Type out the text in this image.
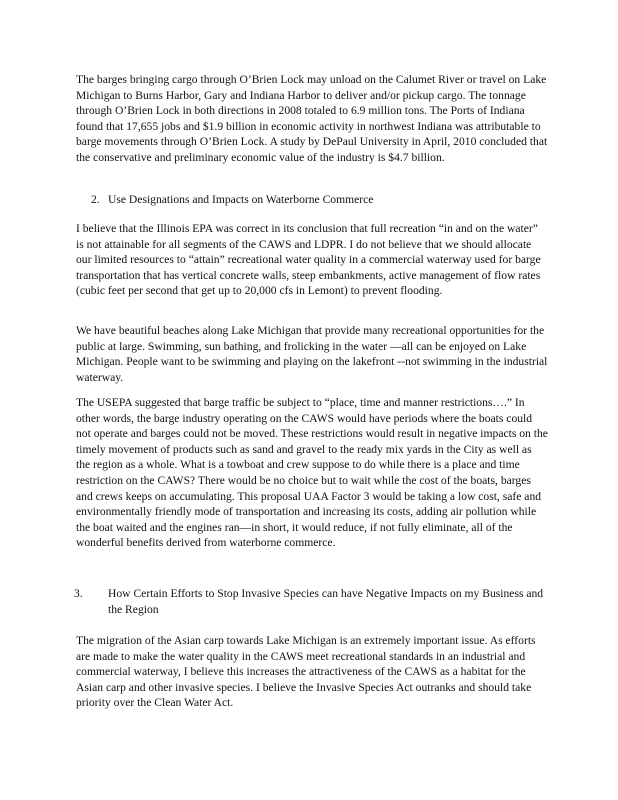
The barges bringing cargo through O’Brien Lock may unload on the Calumet River or travel on Lake Michigan to Burns Harbor, Gary and Indiana Harbor to deliver and/or pickup cargo. The tonnage through O’Brien Lock in both directions in 2008 totaled to 6.9 million tons. The Ports of Indiana found that 17,655 jobs and $1.9 billion in economic activity in northwest Indiana was attributable to barge movements through O’Brien Lock. A study by DePaul University in April, 2010 concluded that the conservative and preliminary economic value of the industry is $4.7 billion.

2. Use Designations and Impacts on Waterborne Commerce

I believe that the Illinois EPA was correct in its conclusion that full recreation “in and on the water” is not attainable for all segments of the CAWS and LDPR. I do not believe that we should allocate our limited resources to “attain” recreational water quality in a commercial waterway used for barge transportation that has vertical concrete walls, steep embankments, active management of flow rates (cubic feet per second that get up to 20,000 cfs in Lemont) to prevent flooding.

We have beautiful beaches along Lake Michigan that provide many recreational opportunities for the public at large. Swimming, sun bathing, and frolicking in the water —all can be enjoyed on Lake Michigan. People want to be swimming and playing on the lakefront --not swimming in the industrial waterway.

The USEPA suggested that barge traffic be subject to “place, time and manner restrictions….” In other words, the barge industry operating on the CAWS would have periods where the boats could not operate and barges could not be moved. These restrictions would result in negative impacts on the timely movement of products such as sand and gravel to the ready mix yards in the City as well as the region as a whole. What is a towboat and crew suppose to do while there is a place and time restriction on the CAWS? There would be no choice but to wait while the cost of the boats, barges and crews keeps on accumulating. This proposal UAA Factor 3 would be taking a low cost, safe and environmentally friendly mode of transportation and increasing its costs, adding air pollution while the boat waited and the engines ran—in short, it would reduce, if not fully eliminate, all of the wonderful benefits derived from waterborne commerce.

3. How Certain Efforts to Stop Invasive Species can have Negative Impacts on my Business and the Region

The migration of the Asian carp towards Lake Michigan is an extremely important issue. As efforts are made to make the water quality in the CAWS meet recreational standards in an industrial and commercial waterway, I believe this increases the attractiveness of the CAWS as a habitat for the Asian carp and other invasive species. I believe the Invasive Species Act outranks and should take priority over the Clean Water Act.
